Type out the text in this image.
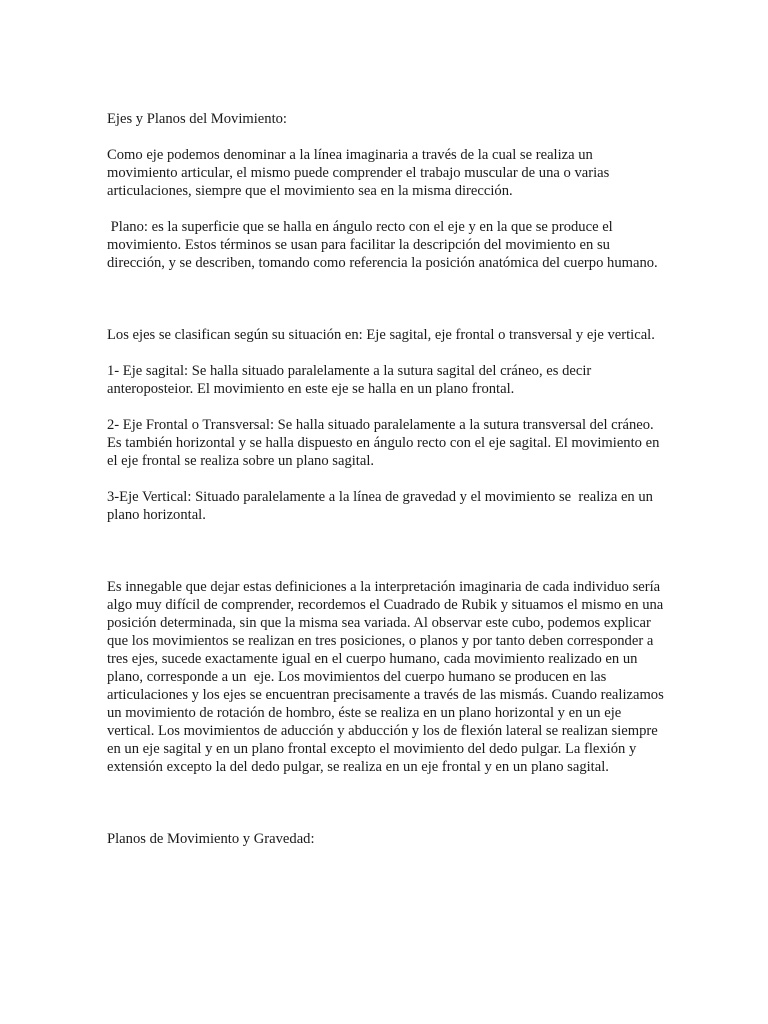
Ejes y Planos del Movimiento:

Como eje podemos denominar a la línea imaginaria a través de la cual se realiza un movimiento articular, el mismo puede comprender el trabajo muscular de una o varias articulaciones, siempre que el movimiento sea en la misma dirección.

Plano: es la superficie que se halla en ángulo recto con el eje y en la que se produce el movimiento. Estos términos se usan para facilitar la descripción del movimiento en su dirección, y se describen, tomando como referencia la posición anatómica del cuerpo humano.

Los ejes se clasifican según su situación en: Eje sagital, eje frontal o transversal y eje vertical.

1- Eje sagital: Se halla situado paralelamente a la sutura sagital del cráneo, es decir anteroposteior. El movimiento en este eje se halla en un plano frontal.

2- Eje Frontal o Transversal: Se halla situado paralelamente a la sutura transversal del cráneo. Es también horizontal y se halla dispuesto en ángulo recto con el eje sagital. El movimiento en el eje frontal se realiza sobre un plano sagital.

3-Eje Vertical: Situado paralelamente a la línea de gravedad y el movimiento se  realiza en un plano horizontal.

Es innegable que dejar estas definiciones a la interpretación imaginaria de cada individuo sería algo muy difícil de comprender, recordemos el Cuadrado de Rubik y situamos el mismo en una posición determinada, sin que la misma sea variada. Al observar este cubo, podemos explicar que los movimientos se realizan en tres posiciones, o planos y por tanto deben corresponder a tres ejes, sucede exactamente igual en el cuerpo humano, cada movimiento realizado en un plano, corresponde a un  eje. Los movimientos del cuerpo humano se producen en las articulaciones y los ejes se encuentran precisamente a través de las mismás. Cuando realizamos un movimiento de rotación de hombro, éste se realiza en un plano horizontal y en un eje vertical. Los movimientos de aducción y abducción y los de flexión lateral se realizan siempre en un eje sagital y en un plano frontal excepto el movimiento del dedo pulgar. La flexión y extensión excepto la del dedo pulgar, se realiza en un eje frontal y en un plano sagital.

Planos de Movimiento y Gravedad:
